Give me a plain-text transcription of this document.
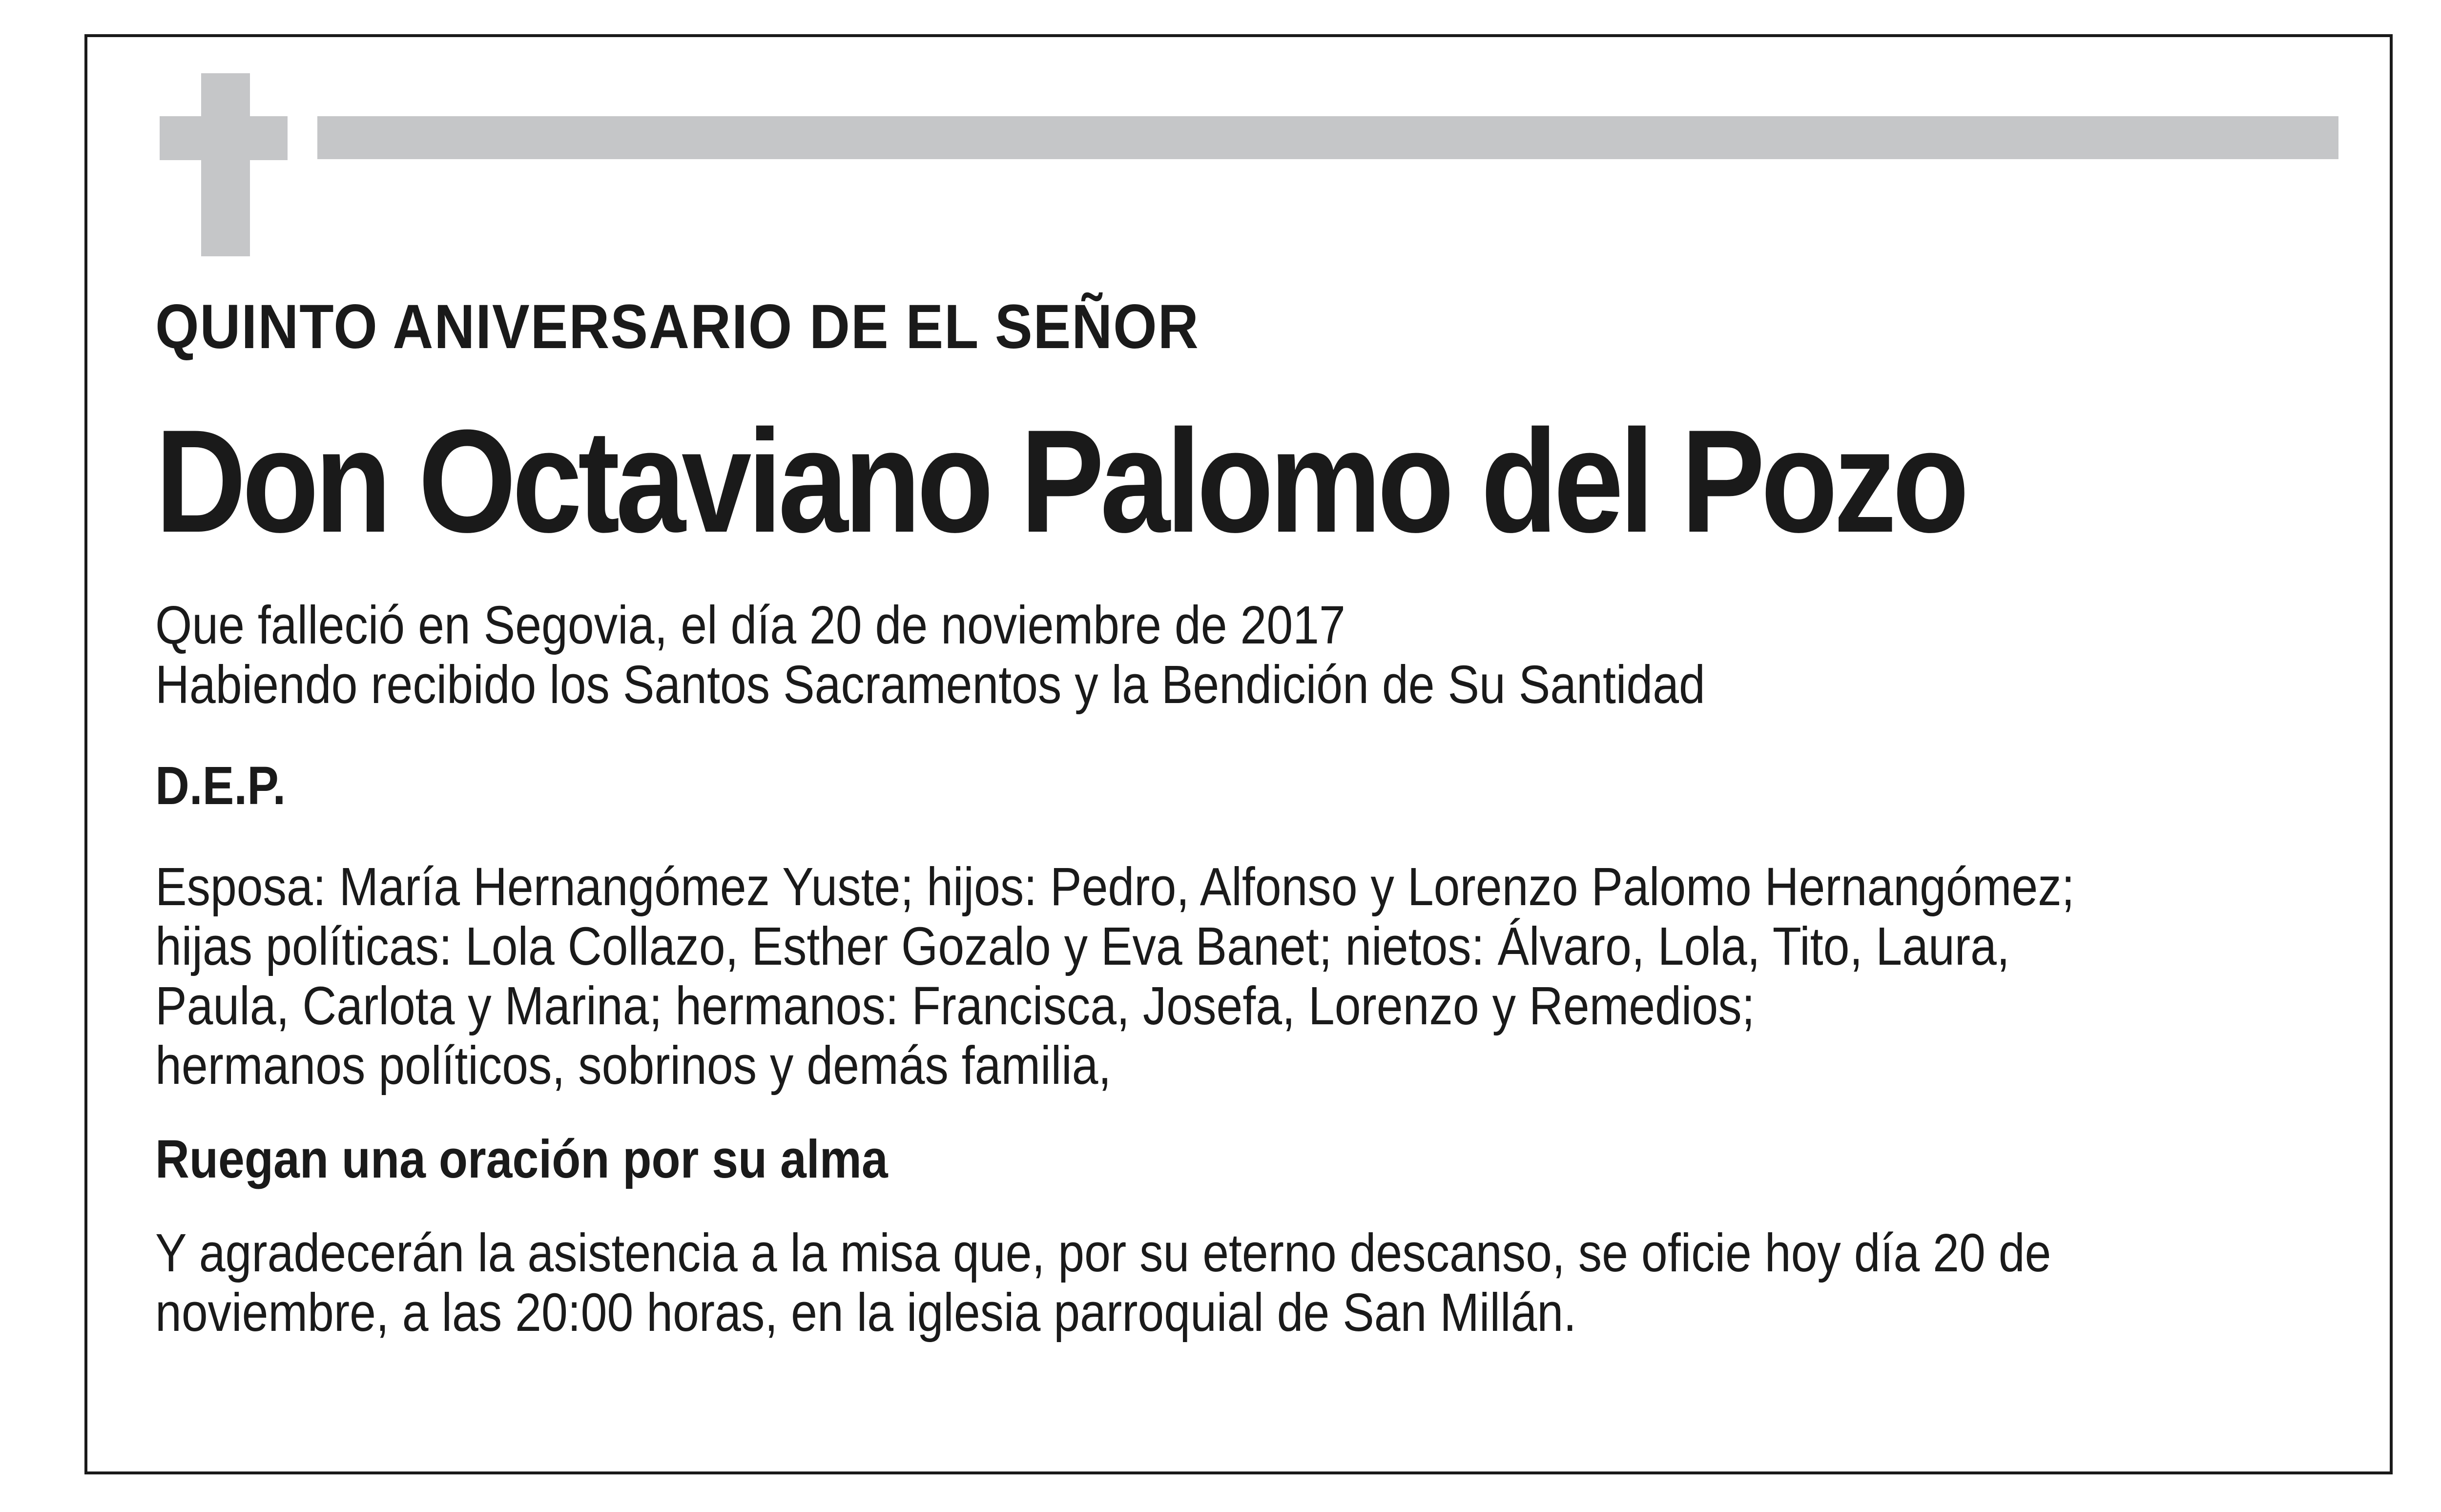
QUINTO ANIVERSARIO DE EL SEÑOR

Don Octaviano Palomo del Pozo

Que falleció en Segovia, el día 20 de noviembre de 2017

Habiendo recibido los Santos Sacramentos y la Bendición de Su Santidad

D.E.P.

Esposa: María Hernangómez Yuste; hijos: Pedro, Alfonso y Lorenzo Palomo Hernangómez;

hijas políticas: Lola Collazo, Esther Gozalo y Eva Banet; nietos: Álvaro, Lola, Tito, Laura,

Paula, Carlota y Marina; hermanos: Francisca, Josefa, Lorenzo y Remedios;

hermanos políticos, sobrinos y demás familia,

Ruegan una oración por su alma

Y agradecerán la asistencia a la misa que, por su eterno descanso, se oficie hoy día 20 de

noviembre, a las 20:00 horas, en la iglesia parroquial de San Millán.
